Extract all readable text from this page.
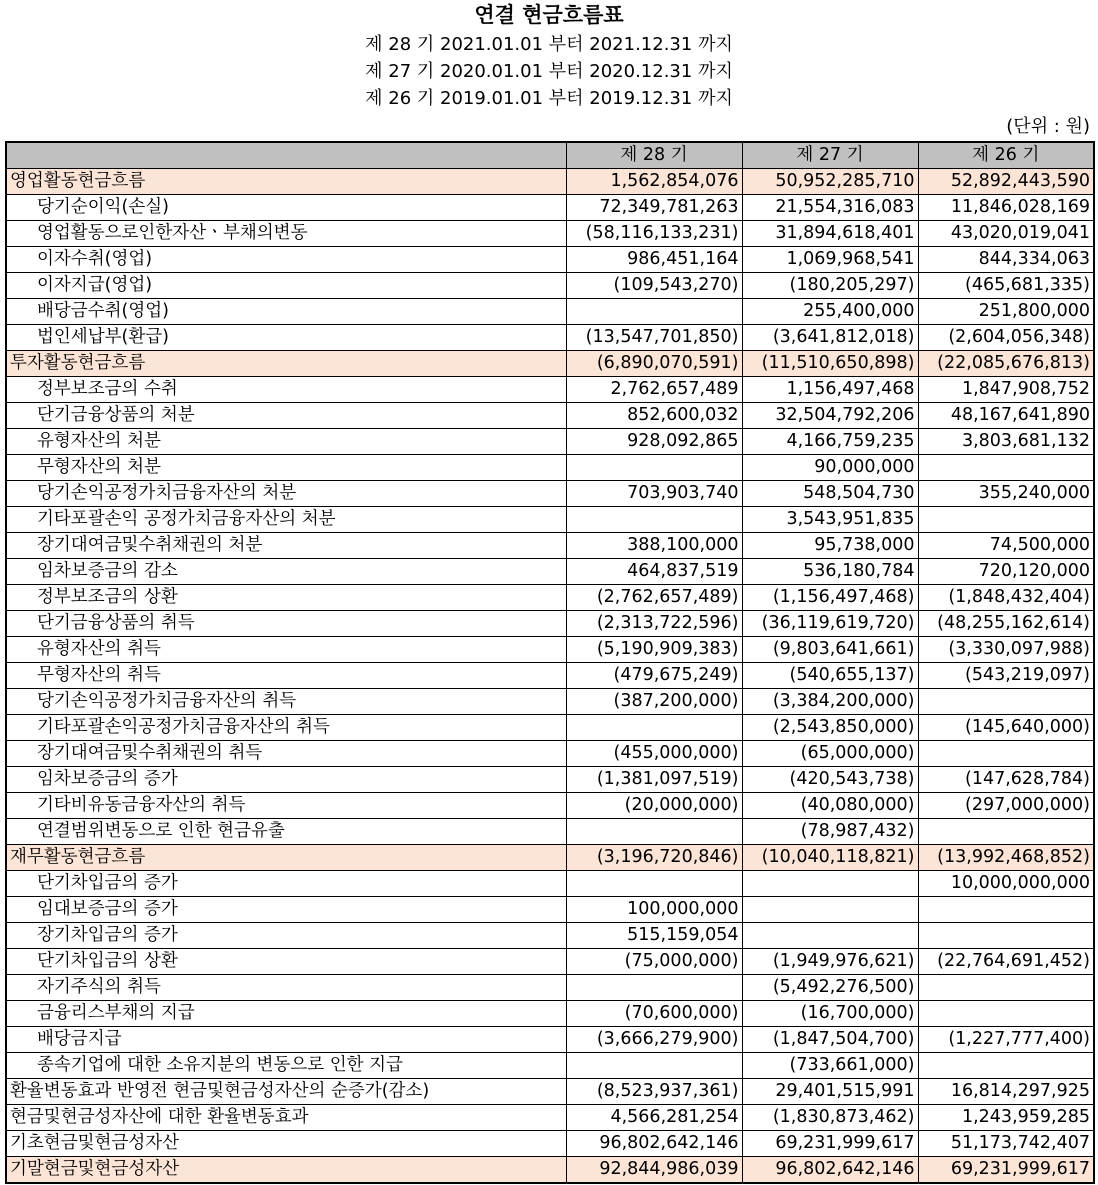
연결 현금흐름표
제 28 기 2021.01.01 부터 2021.12.31 까지
제 27 기 2020.01.01 부터 2020.12.31 까지
제 26 기 2019.01.01 부터 2019.12.31 까지
(단위 : 원)
	제 28 기	제 27 기	제 26 기
영업활동현금흐름	1,562,854,076	50,952,285,710	52,892,443,590
당기순이익(손실)	72,349,781,263	21,554,316,083	11,846,028,169
영업활동으로인한자산ㆍ부채의변동	(58,116,133,231)	31,894,618,401	43,020,019,041
이자수취(영업)	986,451,164	1,069,968,541	844,334,063
이자지급(영업)	(109,543,270)	(180,205,297)	(465,681,335)
배당금수취(영업)		255,400,000	251,800,000
법인세납부(환급)	(13,547,701,850)	(3,641,812,018)	(2,604,056,348)
투자활동현금흐름	(6,890,070,591)	(11,510,650,898)	(22,085,676,813)
정부보조금의 수취	2,762,657,489	1,156,497,468	1,847,908,752
단기금융상품의 처분	852,600,032	32,504,792,206	48,167,641,890
유형자산의 처분	928,092,865	4,166,759,235	3,803,681,132
무형자산의 처분		90,000,000	
당기손익공정가치금융자산의 처분	703,903,740	548,504,730	355,240,000
기타포괄손익 공정가치금융자산의 처분		3,543,951,835	
장기대여금및수취채권의 처분	388,100,000	95,738,000	74,500,000
임차보증금의 감소	464,837,519	536,180,784	720,120,000
정부보조금의 상환	(2,762,657,489)	(1,156,497,468)	(1,848,432,404)
단기금융상품의 취득	(2,313,722,596)	(36,119,619,720)	(48,255,162,614)
유형자산의 취득	(5,190,909,383)	(9,803,641,661)	(3,330,097,988)
무형자산의 취득	(479,675,249)	(540,655,137)	(543,219,097)
당기손익공정가치금융자산의 취득	(387,200,000)	(3,384,200,000)	
기타포괄손익공정가치금융자산의 취득		(2,543,850,000)	(145,640,000)
장기대여금및수취채권의 취득	(455,000,000)	(65,000,000)	
임차보증금의 증가	(1,381,097,519)	(420,543,738)	(147,628,784)
기타비유동금융자산의 취득	(20,000,000)	(40,080,000)	(297,000,000)
연결범위변동으로 인한 현금유출		(78,987,432)	
재무활동현금흐름	(3,196,720,846)	(10,040,118,821)	(13,992,468,852)
단기차입금의 증가			10,000,000,000
임대보증금의 증가	100,000,000		
장기차입금의 증가	515,159,054		
단기차입금의 상환	(75,000,000)	(1,949,976,621)	(22,764,691,452)
자기주식의 취득		(5,492,276,500)	
금융리스부채의 지급	(70,600,000)	(16,700,000)	
배당금지급	(3,666,279,900)	(1,847,504,700)	(1,227,777,400)
종속기업에 대한 소유지분의 변동으로 인한 지급		(733,661,000)	
환율변동효과 반영전 현금및현금성자산의 순증가(감소)	(8,523,937,361)	29,401,515,991	16,814,297,925
현금및현금성자산에 대한 환율변동효과	4,566,281,254	(1,830,873,462)	1,243,959,285
기초현금및현금성자산	96,802,642,146	69,231,999,617	51,173,742,407
기말현금및현금성자산	92,844,986,039	96,802,642,146	69,231,999,617
